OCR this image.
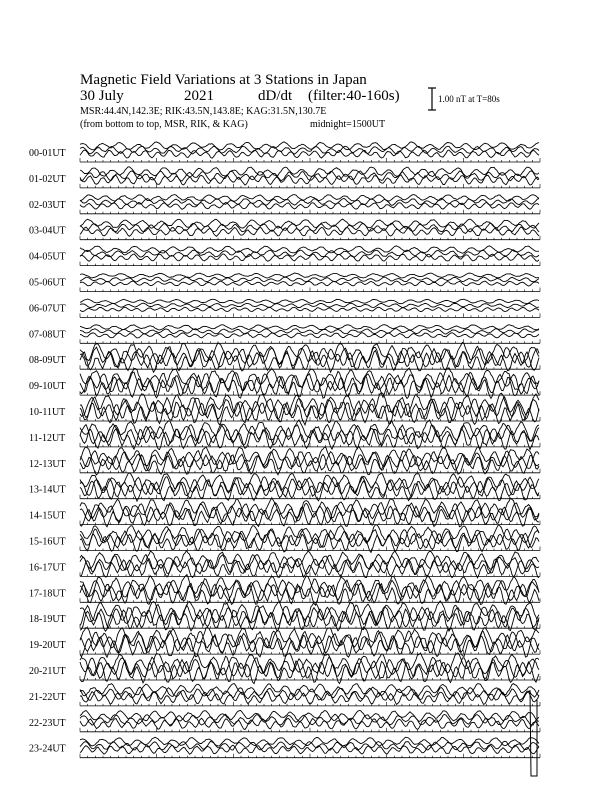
Magnetic Field Variations at 3 Stations in Japan
30 July	2021	dD/dt (filter:40-160s)
MSR:44.4N,142.3E; RIK:43.5N,143.8E; KAG:31.5N,130.7E
(from bottom to top, MSR, RIK, & KAG)	midnight=1500UT
1.00 nT at T=80s
00-01UT
01-02UT
02-03UT
03-04UT
04-05UT
05-06UT
06-07UT
07-08UT
08-09UT
09-10UT
10-11UT
11-12UT
12-13UT
13-14UT
14-15UT
15-16UT
16-17UT
17-18UT
18-19UT
19-20UT
20-21UT
21-22UT
22-23UT
23-24UT
